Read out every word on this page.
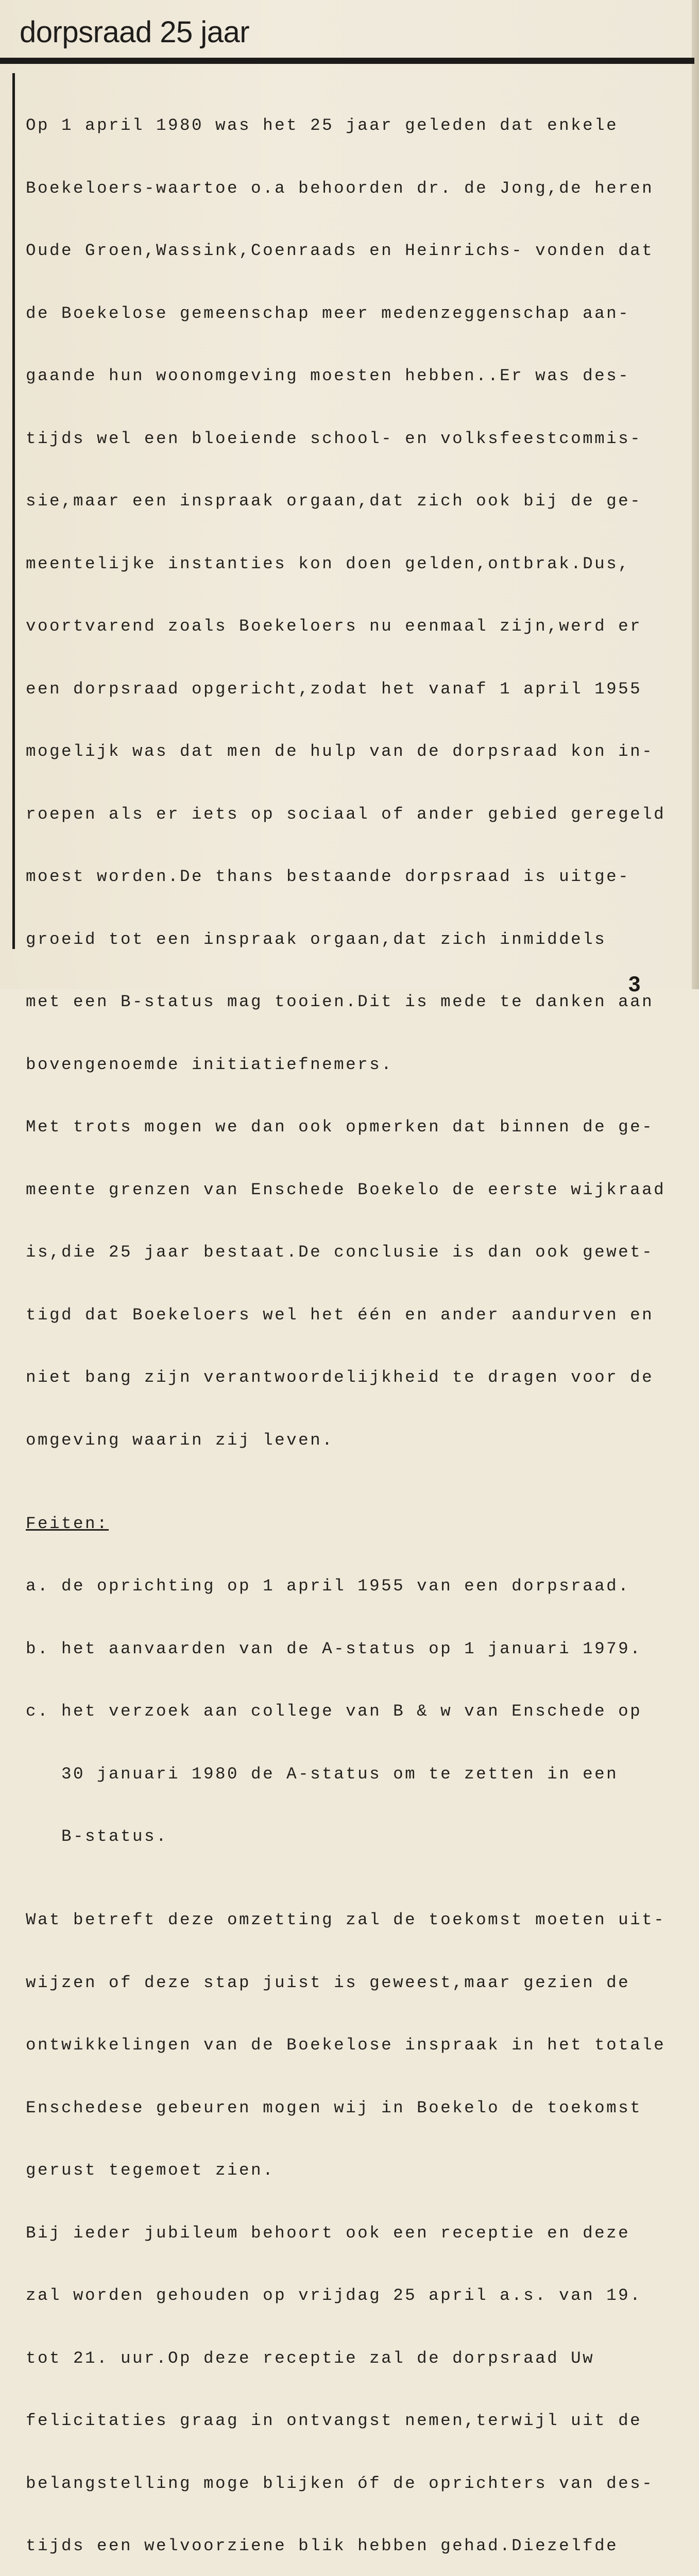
dorpsraad 25 jaar

Op 1 april 1980 was het 25 jaar geleden dat enkele

Boekeloers-waartoe o.a behoorden dr. de Jong,de heren

Oude Groen,Wassink,Coenraads en Heinrichs- vonden dat

de Boekelose gemeenschap meer medenzeggenschap aan-

gaande hun woonomgeving moesten hebben..Er was des-

tijds wel een bloeiende school- en volksfeestcommis-

sie,maar een inspraak orgaan,dat zich ook bij de ge-

meentelijke instanties kon doen gelden,ontbrak.Dus,

voortvarend zoals Boekeloers nu eenmaal zijn,werd er

een dorpsraad opgericht,zodat het vanaf 1 april 1955

mogelijk was dat men de hulp van de dorpsraad kon in-

roepen als er iets op sociaal of ander gebied geregeld

moest worden.De thans bestaande dorpsraad is uitge-

groeid tot een inspraak orgaan,dat zich inmiddels

met een B-status mag tooien.Dit is mede te danken aan

bovengenoemde initiatiefnemers.

Met trots mogen we dan ook opmerken dat binnen de ge-

meente grenzen van Enschede Boekelo de eerste wijkraad

is,die 25 jaar bestaat.De conclusie is dan ook gewet-

tigd dat Boekeloers wel het één en ander aandurven en

niet bang zijn verantwoordelijkheid te dragen voor de

omgeving waarin zij leven.

Feiten:

a. de oprichting op 1 april 1955 van een dorpsraad.

b. het aanvaarden van de A-status op 1 januari 1979.

c. het verzoek aan college van B & w van Enschede op

30 januari 1980 de A-status om te zetten in een

B-status.

Wat betreft deze omzetting zal de toekomst moeten uit-

wijzen of deze stap juist is geweest,maar gezien de

ontwikkelingen van de Boekelose inspraak in het totale

Enschedese gebeuren mogen wij in Boekelo de toekomst

gerust tegemoet zien.

Bij ieder jubileum behoort ook een receptie en deze

zal worden gehouden op vrijdag 25 april a.s. van 19.

tot 21. uur.Op deze receptie zal de dorpsraad Uw

felicitaties graag in ontvangst nemen,terwijl uit de

belangstelling moge blijken óf de oprichters van des-

tijds een welvoorziene blik hebben gehad.Diezelfde

3
